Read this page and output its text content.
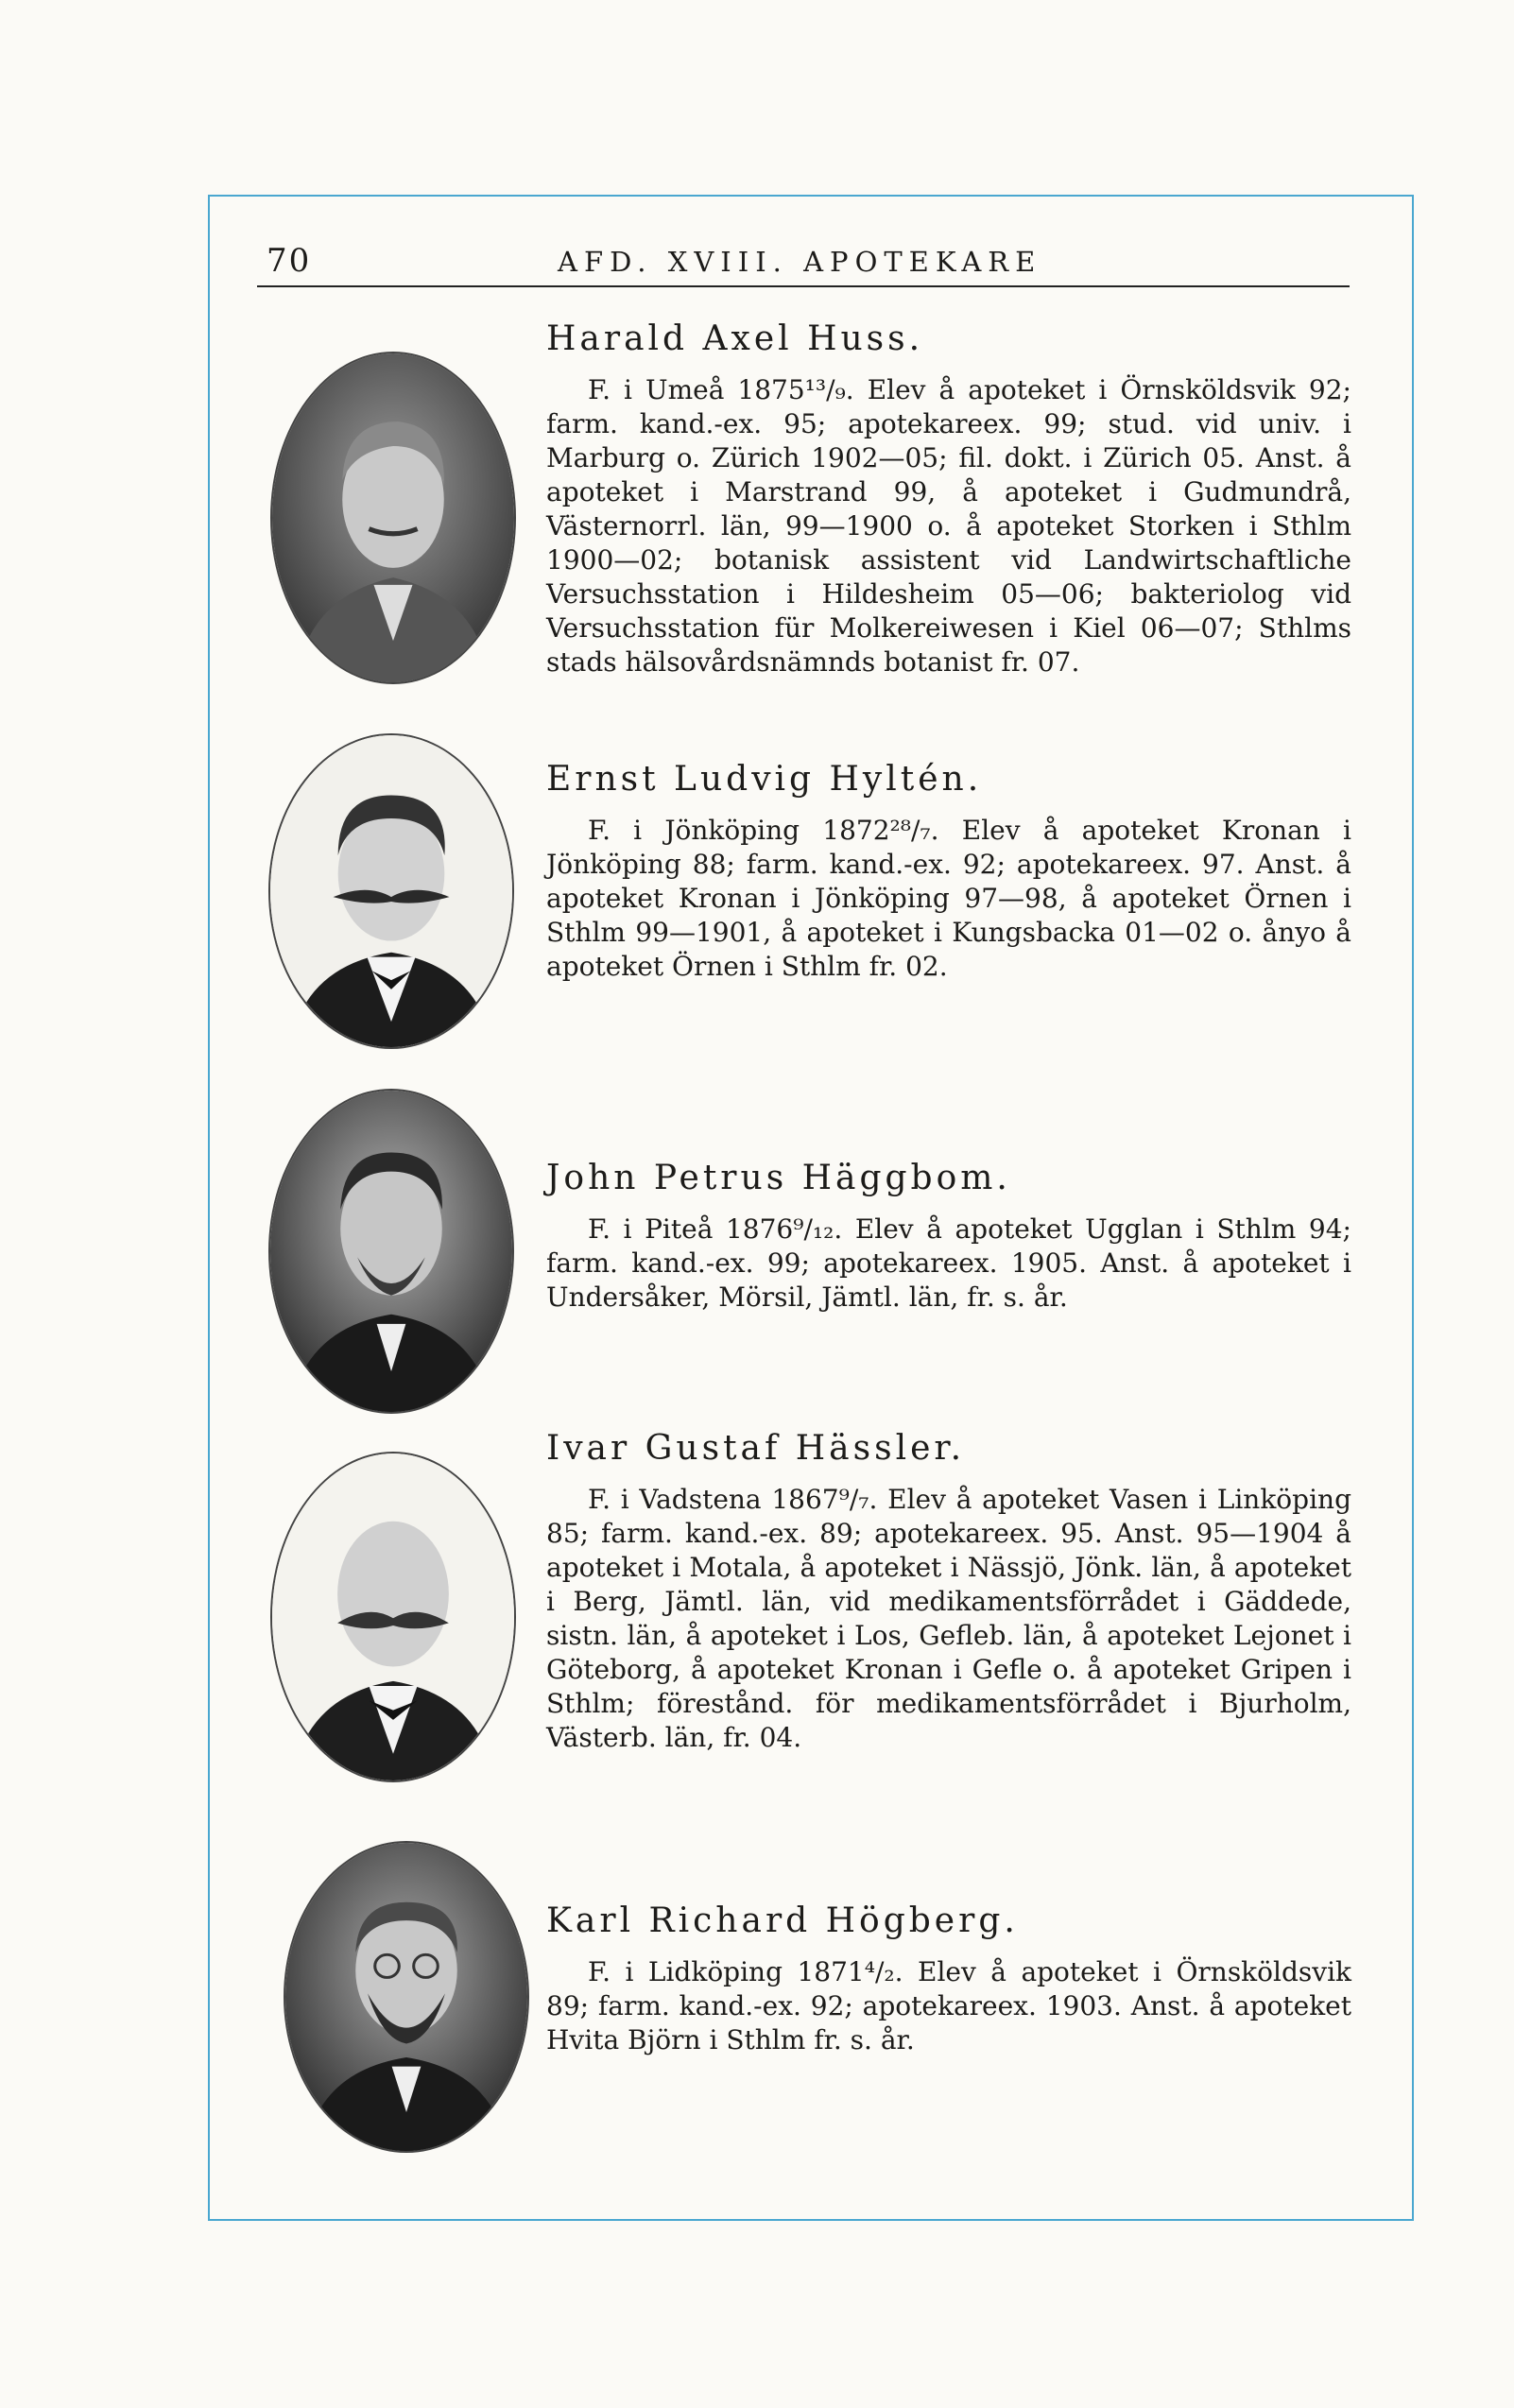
70	AFD. XVIII. APOTEKARE
Harald Axel Huss.

F. i Umeå 1875¹³/₉. Elev å apoteket i Örnsköldsvik 92; farm. kand.-ex. 95; apotekareex. 99; stud. vid univ. i Marburg o. Zürich 1902—05; fil. dokt. i Zürich 05. Anst. å apoteket i Marstrand 99, å apoteket i Gudmundrå, Västernorrl. län, 99—1900 o. å apoteket Storken i Sthlm 1900—02; botanisk assistent vid Landwirtschaftliche Versuchsstation i Hildesheim 05—06; bakteriolog vid Versuchsstation für Molkereiwesen i Kiel 06—07; Sthlms stads hälsovårdsnämnds botanist fr. 07.

Ernst Ludvig Hyltén.

F. i Jönköping 1872²⁸/₇. Elev å apoteket Kronan i Jönköping 88; farm. kand.-ex. 92; apotekareex. 97. Anst. å apoteket Kronan i Jönköping 97—98, å apoteket Örnen i Sthlm 99—1901, å apoteket i Kungsbacka 01—02 o. ånyo å apoteket Örnen i Sthlm fr. 02.

John Petrus Häggbom.

F. i Piteå 1876⁹/₁₂. Elev å apoteket Ugglan i Sthlm 94; farm. kand.-ex. 99; apotekareex. 1905. Anst. å apoteket i Undersåker, Mörsil, Jämtl. län, fr. s. år.

Ivar Gustaf Hässler.

F. i Vadstena 1867⁹/₇. Elev å apoteket Vasen i Linköping 85; farm. kand.-ex. 89; apotekareex. 95. Anst. 95—1904 å apoteket i Motala, å apoteket i Nässjö, Jönk. län, å apoteket i Berg, Jämtl. län, vid medikamentsförrådet i Gäddede, sistn. län, å apoteket i Los, Gefleb. län, å apoteket Lejonet i Göteborg, å apoteket Kronan i Gefle o. å apoteket Gripen i Sthlm; förestånd. för medikamentsförrådet i Bjurholm, Västerb. län, fr. 04.

Karl Richard Högberg.

F. i Lidköping 1871⁴/₂. Elev å apoteket i Örnsköldsvik 89; farm. kand.-ex. 92; apotekareex. 1903. Anst. å apoteket Hvita Björn i Sthlm fr. s. år.
